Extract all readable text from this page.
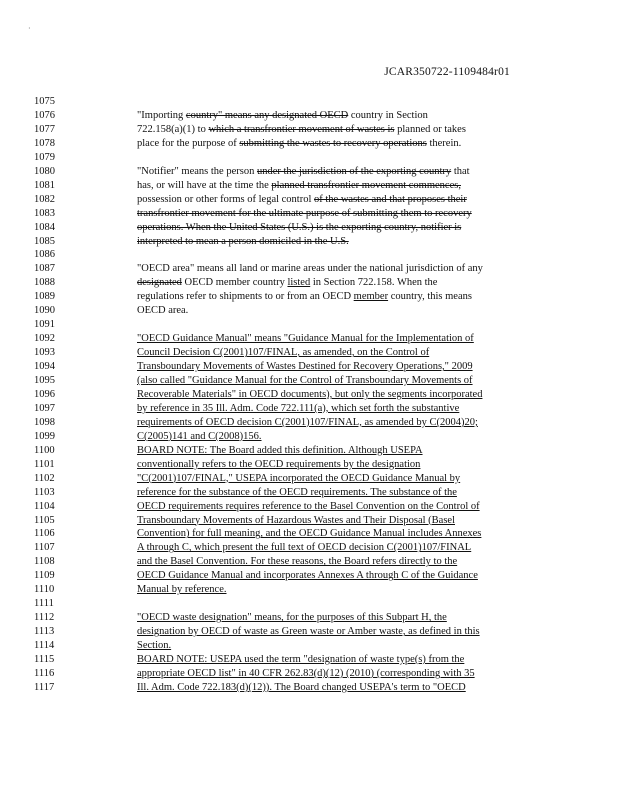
·
JCAR350722-1109484r01
1075
1076	"Importing country" means any designated OECD country in Section
1077	722.158(a)(1) to which a transfrontier movement of wastes is planned or takes
1078	place for the purpose of submitting the wastes to recovery operations therein.
1079
1080	"Notifier" means the person under the jurisdiction of the exporting country that
1081	has, or will have at the time the planned transfrontier movement commences,
1082	possession or other forms of legal control of the wastes and that proposes their
1083	transfrontier movement for the ultimate purpose of submitting them to recovery
1084	operations. When the United States (U.S.) is the exporting country, notifier is
1085	interpreted to mean a person domiciled in the U.S.
1086
1087	"OECD area" means all land or marine areas under the national jurisdiction of any
1088	designated OECD member country listed in Section 722.158. When the
1089	regulations refer to shipments to or from an OECD member country, this means
1090	OECD area.
1091
1092	"OECD Guidance Manual" means "Guidance Manual for the Implementation of
1093	Council Decision C(2001)107/FINAL, as amended, on the Control of
1094	Transboundary Movements of Wastes Destined for Recovery Operations," 2009
1095	(also called "Guidance Manual for the Control of Transboundary Movements of
1096	Recoverable Materials" in OECD documents), but only the segments incorporated
1097	by reference in 35 Ill. Adm. Code 722.111(a), which set forth the substantive
1098	requirements of OECD decision C(2001)107/FINAL, as amended by C(2004)20;
1099	C(2005)141 and C(2008)156.
1100	BOARD NOTE: The Board added this definition. Although USEPA
1101	conventionally refers to the OECD requirements by the designation
1102	"C(2001)107/FINAL," USEPA incorporated the OECD Guidance Manual by
1103	reference for the substance of the OECD requirements. The substance of the
1104	OECD requirements requires reference to the Basel Convention on the Control of
1105	Transboundary Movements of Hazardous Wastes and Their Disposal (Basel
1106	Convention) for full meaning, and the OECD Guidance Manual includes Annexes
1107	A through C, which present the full text of OECD decision C(2001)107/FINAL
1108	and the Basel Convention. For these reasons, the Board refers directly to the
1109	OECD Guidance Manual and incorporates Annexes A through C of the Guidance
1110	Manual by reference.
1111
1112	"OECD waste designation" means, for the purposes of this Subpart H, the
1113	designation by OECD of waste as Green waste or Amber waste, as defined in this
1114	Section.
1115	BOARD NOTE: USEPA used the term "designation of waste type(s) from the
1116	appropriate OECD list" in 40 CFR 262.83(d)(12) (2010) (corresponding with 35
1117	Ill. Adm. Code 722.183(d)(12)). The Board changed USEPA's term to "OECD
